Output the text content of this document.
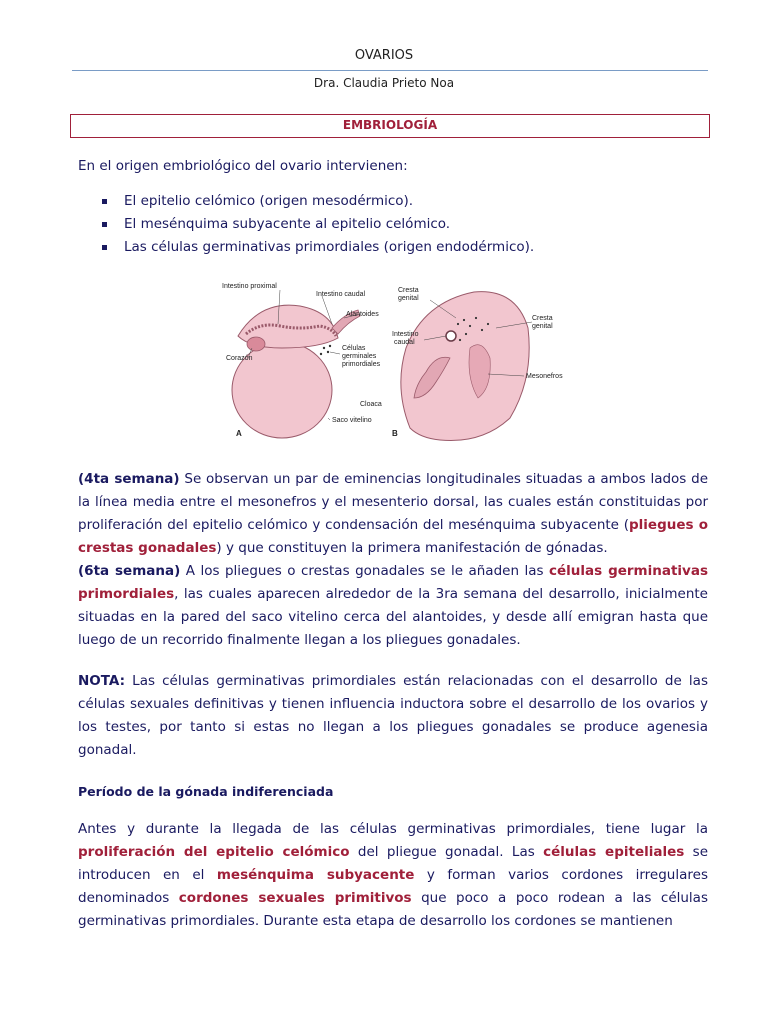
OVARIOS
Dra. Claudia Prieto Noa
EMBRIOLOGÍA
En el origen embriológico del ovario intervienen:
El epitelio celómico (origen mesodérmico).
El mesénquima subyacente al epitelio celómico.
Las células germinativas primordiales (origen endodérmico).
Intestino proximal
Intestino caudal
Alantoides
Corazón
Células
germinales
primordiales
Cloaca
Saco vitelino
A
Cresta
genital
Cresta
genital
Intestino
caudal
Mesonefros
B
(4ta semana) Se observan un par de eminencias longitudinales situadas a ambos lados de la línea media entre el mesonefros y el mesenterio dorsal, las cuales están constituidas por proliferación del epitelio celómico y condensación del mesénquima subyacente (pliegues o crestas gonadales) y que constituyen la primera manifestación de gónadas.
(6ta semana) A los pliegues o crestas gonadales se le añaden las células germinativas primordiales, las cuales aparecen alrededor de la 3ra semana del desarrollo, inicialmente situadas en la pared del saco vitelino cerca del alantoides, y desde allí emigran hasta que luego de un recorrido finalmente llegan a los pliegues gonadales.
NOTA: Las células germinativas primordiales están relacionadas con el desarrollo de las células sexuales definitivas y tienen influencia inductora sobre el desarrollo de los ovarios y los testes, por tanto si estas no llegan a los pliegues gonadales se produce agenesia gonadal.
Período de la gónada indiferenciada
Antes y durante la llegada de las células germinativas primordiales, tiene lugar la proliferación del epitelio celómico del pliegue gonadal. Las células epiteliales se introducen en el mesénquima subyacente y forman varios cordones irregulares denominados cordones sexuales primitivos que poco a poco rodean a las células germinativas primordiales. Durante esta etapa de desarrollo los cordones se mantienen
